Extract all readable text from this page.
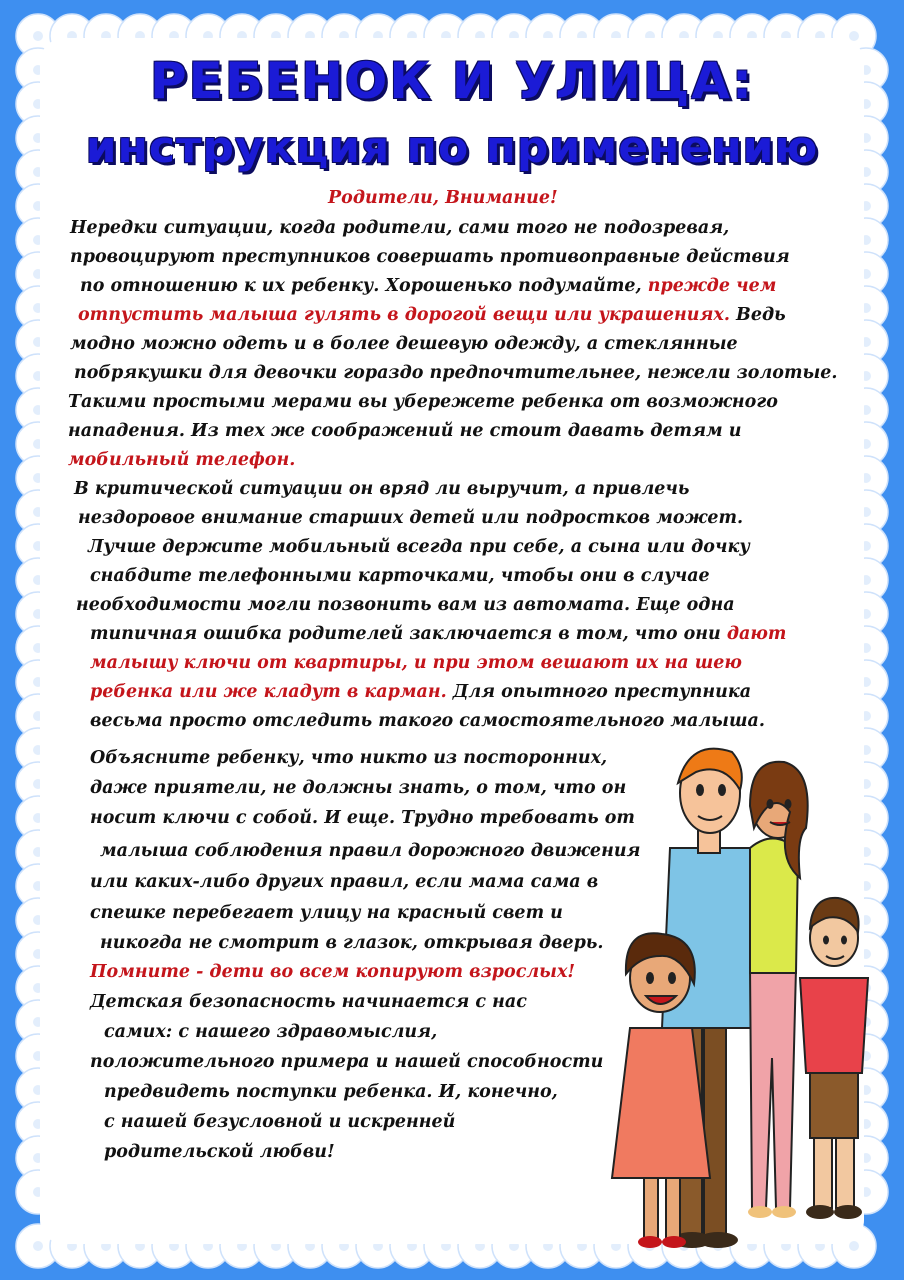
РЕБЕНОК И УЛИЦА:
инструкция по применению
Родители, Внимание!
Нередки ситуации, когда родители, сами того не подозревая,
провоцируют преступников совершать противоправные действия
по отношению к их ребенку. Хорошенько подумайте, прежде чем
отпустить малыша гулять в дорогой вещи или украшениях. Ведь
модно можно одеть и в более дешевую одежду, а стеклянные
побрякушки для девочки гораздо предпочтительнее, нежели золотые.
Такими простыми мерами вы убережете ребенка от возможного
нападения. Из тех же соображений не стоит давать детям и
мобильный телефон.
В критической ситуации он вряд ли выручит, а привлечь
нездоровое внимание старших детей или подростков может.
Лучше держите мобильный всегда при себе, а сына или дочку
снабдите телефонными карточками, чтобы они в случае
необходимости могли позвонить вам из автомата. Еще одна
типичная ошибка родителей заключается в том, что они дают
малышу ключи от квартиры, и при этом вешают их на шею
ребенка или же кладут в карман. Для опытного преступника
весьма просто отследить такого самостоятельного малыша.
Объясните ребенку, что никто из посторонних,
даже приятели, не должны знать, о том, что он
носит ключи с собой. И еще. Трудно требовать от
малыша соблюдения правил дорожного движения
или каких-либо других правил, если мама сама в
спешке перебегает улицу на красный свет и
никогда не смотрит в глазок, открывая дверь.
Помните - дети во всем копируют взрослых!
Детская безопасность начинается с нас
самих: с нашего здравомыслия,
положительного примера и нашей способности
предвидеть поступки ребенка. И, конечно,
с нашей безусловной и искренней
родительской любви!
